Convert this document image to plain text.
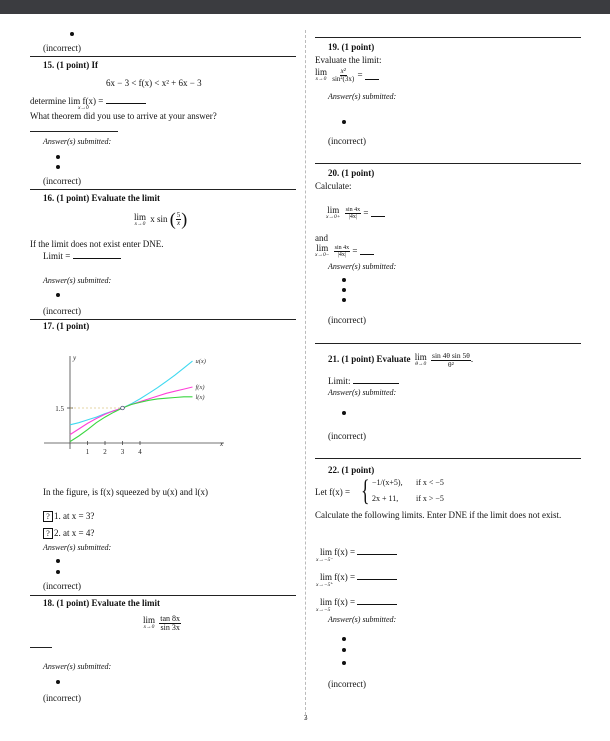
(incorrect)
15. (1 point) If
6x − 3 < f(x) < x² + 6x − 3
determine lim f(x) =
x→0
What theorem did you use to arrive at your answer?
Answer(s) submitted:
(incorrect)
16. (1 point) Evaluate the limit
lim
x→0 x sin ( $\frac{5}{x}$ )
If the limit does not exist enter DNE.
Limit =
Answer(s) submitted:
(incorrect)
17. (1 point)
1 2 3 4
1.5
x
y	u(x)
f(x)
l(x)
In the figure, is f(x) squeezed by u(x) and l(x)
? 1. at x = 3?
? 2. at x = 4?
Answer(s) submitted:
(incorrect)
18. (1 point) Evaluate the limit
lim
x→0
$\frac{\tan 8x}{\sin 3x}$
Answer(s) submitted:
(incorrect)
3
19. (1 point)
Evaluate the limit:
lim
x→0
$\frac{\text{x²}}{\text{sin²(3x)}}$ =
Answer(s) submitted:
(incorrect)
20. (1 point)
Calculate:
lim
x→0+
$\frac{\sin 4x}{|4x|}$ =
and
lim
x→0−
$\frac{\sin 4x}{|4x|}$ =
Answer(s) submitted:
(incorrect)
21. (1 point) Evaluate lim
θ→0
$\frac{\text{sin 4θ sin 5θ}}{\text{θ²}}$ .
Limit:
Answer(s) submitted:
(incorrect)
22. (1 point)
Let f(x) = { −1/(x+5), if x < −5
2x + 11, if x > −5
Calculate the following limits. Enter DNE if the limit does not exist.
lim f(x) =
x→−5⁻
lim f(x) =
x→−5⁺
lim f(x) =
x→−5
Answer(s) submitted:
(incorrect)
